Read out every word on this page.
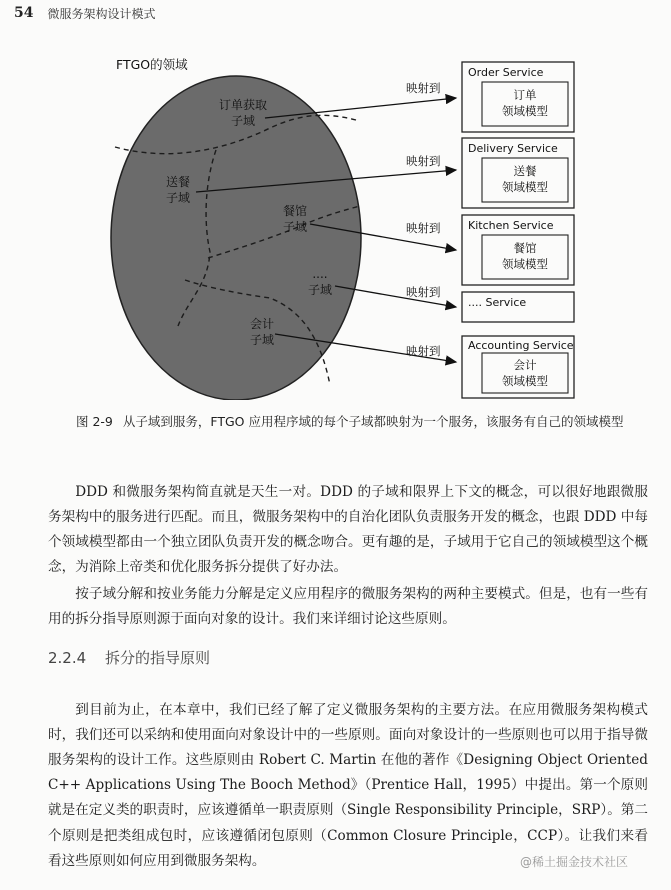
54 微服务架构设计模式
FTGO的领域
订单获取
子域
送餐
子域
餐馆
子域
....
子域
会计
子域
映射到
映射到
映射到
映射到
映射到
Order Service
订单
领域模型
Delivery Service
送餐
领域模型
Kitchen Service
餐馆
领域模型
.... Service
Accounting Service
会计
领域模型
图 2-9 从子域到服务，FTGO 应用程序域的每个子域都映射为一个服务，该服务有自己的领域模型

DDD 和微服务架构简直就是天生一对。DDD 的子域和限界上下文的概念，可以很好地跟微服务架构中的服务进行匹配。而且，微服务架构中的自治化团队负责服务开发的概念，也跟 DDD 中每个领域模型都由一个独立团队负责开发的概念吻合。更有趣的是，子域用于它自己的领域模型这个概念，为消除上帝类和优化服务拆分提供了好办法。

按子域分解和按业务能力分解是定义应用程序的微服务架构的两种主要模式。但是，也有一些有用的拆分指导原则源于面向对象的设计。我们来详细讨论这些原则。

2.2.4 拆分的指导原则

到目前为止，在本章中，我们已经了解了定义微服务架构的主要方法。在应用微服务架构模式时，我们还可以采纳和使用面向对象设计中的一些原则。面向对象设计的一些原则也可以用于指导微服务架构的设计工作。这些原则由 Robert C. Martin 在他的著作《Designing Object Oriented C++ Applications Using The Booch Method》（Prentice Hall，1995）中提出。第一个原则就是在定义类的职责时，应该遵循单一职责原则（Single Responsibility Principle，SRP）。第二个原则是把类组成包时，应该遵循闭包原则（Common Closure Principle，CCP）。让我们来看看这些原则如何应用到微服务架构。	@稀土掘金技术社区
